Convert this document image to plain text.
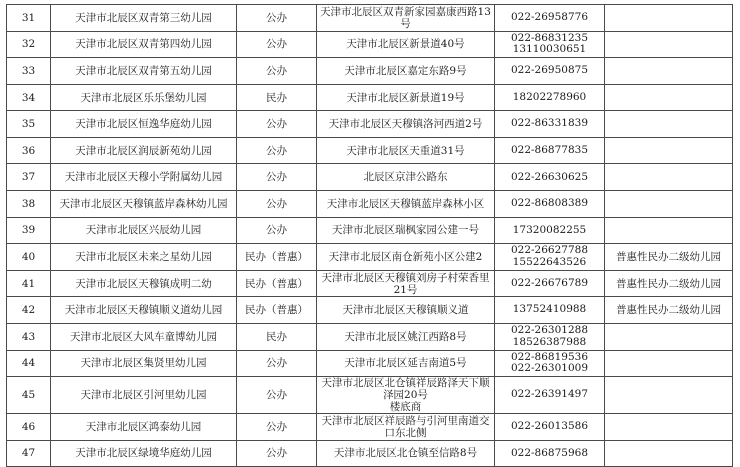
31	天津市北辰区双青第三幼儿园	公办	天津市北辰区双青新家园嘉康西路13号	022-26958776	

32	天津市北辰区双青第四幼儿园	公办	天津市北辰区新景道40号	022-86831235
13110030651	

33	天津市北辰区双青第五幼儿园	公办	天津市北辰区嘉定东路9号	022-26950875	

34	天津市北辰区乐乐堡幼儿园	民办	天津市北辰区新景道19号	18202278960	

35	天津市北辰区恒逸华庭幼儿园	公办	天津市北辰区天穆镇洛河西道2号	022-86331839	

36	天津市北辰区润辰新苑幼儿园	公办	天津市北辰区天重道31号	022-86877835	

37	天津市北辰区天穆小学附属幼儿园	公办	北辰区京津公路东	022-26630625	

38	天津市北辰区天穆镇蓝岸森林幼儿园	公办	天津市北辰区天穆镇蓝岸森林小区	022-86808389	

39	天津市北辰区兴辰幼儿园	公办	天津市北辰区瑞枫家园公建一号	17320082255	

40	天津市北辰区未来之星幼儿园	民办（普惠）	天津市北辰区南仓新苑小区公建2	022-26627788
15522643526	普惠性民办二级幼儿园
41	天津市北辰区天穆镇成明二幼	民办（普惠）	天津市北辰区天穆镇刘房子村荣香里21号	022-26676789	普惠性民办二级幼儿园
42	天津市北辰区天穆镇顺义道幼儿园	民办（普惠）	天津市北辰区天穆镇顺义道	13752410988	普惠性民办二级幼儿园
43	天津市北辰区大风车童博幼儿园	民办	天津市北辰区姚江西路8号	022-26301288
18526387988	

44	天津市北辰区集贤里幼儿园	公办	天津市北辰区延吉南道5号	022-86819536
022-26301009	

45	天津市北辰区引河里幼儿园	公办	天津市北辰区北仓镇祥辰路泽天下顺泽园20号
楼底商	022-26391497	

46	天津市北辰区鸿泰幼儿园	公办	天津市北辰区祥辰路与引河里南道交口东北侧	022-26013586	

47	天津市北辰区绿境华庭幼儿园	公办	天津市北辰区北仓镇至信路8号	022-86875968	
